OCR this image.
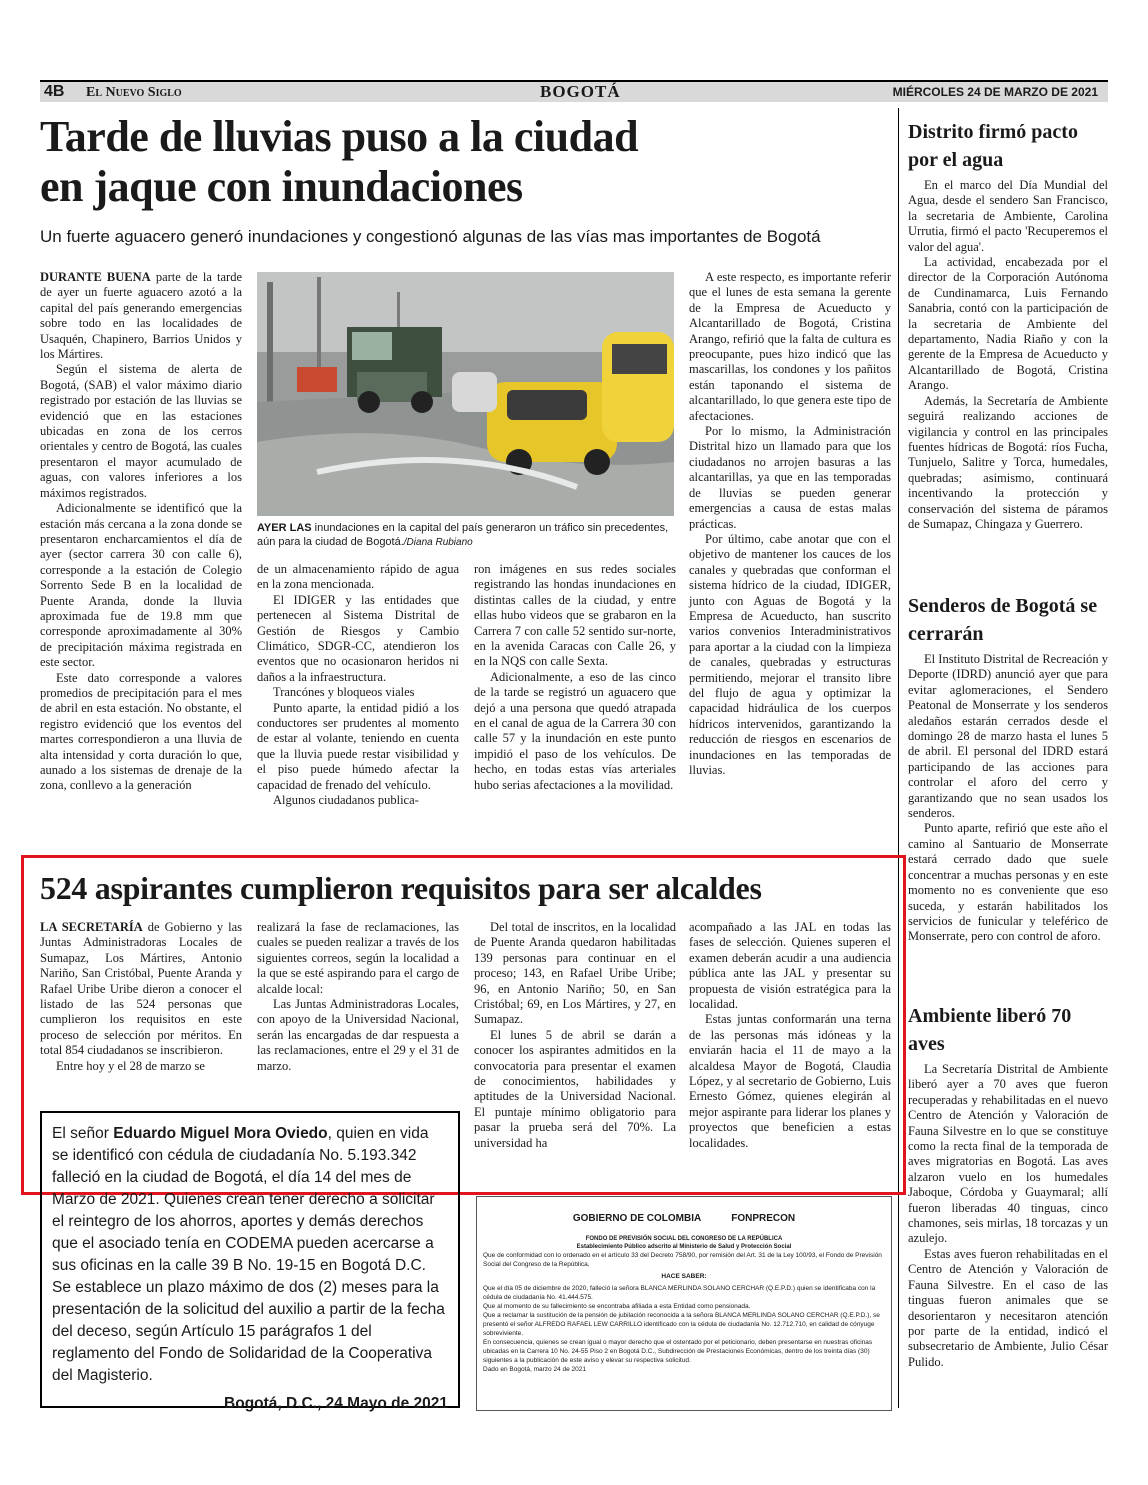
4B El Nuevo Siglo	BOGOTÁ	MIÉRCOLES 24 DE MARZO DE 2021
Tarde de lluvias puso a la ciudad
en jaque con inundaciones
Un fuerte aguacero generó inundaciones y congestionó algunas de las vías mas importantes de Bogotá

DURANTE BUENA parte de la tarde de ayer un fuerte aguacero azotó a la capital del país generando emergencias sobre todo en las localidades de Usaquén, Chapinero, Barrios Unidos y los Mártires.

Según el sistema de alerta de Bogotá, (SAB) el valor máximo diario registrado por estación de las lluvias se evidenció que en las estaciones ubicadas en zona de los cerros orientales y centro de Bogotá, las cuales presentaron el mayor acumulado de aguas, con valores inferiores a los máximos registrados.

Adicionalmente se identificó que la estación más cercana a la zona donde se presentaron encharcamientos el día de ayer (sector carrera 30 con calle 6), corresponde a la estación de Colegio Sorrento Sede B en la localidad de Puente Aranda, donde la lluvia aproximada fue de 19.8 mm que corresponde aproximadamente al 30% de precipitación máxima registrada en este sector.

Este dato corresponde a valores promedios de precipitación para el mes de abril en esta estación. No obstante, el registro evidenció que los eventos del martes correspondieron a una lluvia de alta intensidad y corta duración lo que, aunado a los sistemas de drenaje de la zona, conllevo a la generación

AYER LAS inundaciones en la capital del país generaron un tráfico sin precedentes, aún para la ciudad de Bogotá./Diana Rubiano

de un almacenamiento rápido de agua en la zona mencionada.

El IDIGER y las entidades que pertenecen al Sistema Distrital de Gestión de Riesgos y Cambio Climático, SDGR-CC, atendieron los eventos que no ocasionaron heridos ni daños a la infraestructura.

Trancónes y bloqueos viales

Punto aparte, la entidad pidió a los conductores ser prudentes al momento de estar al volante, teniendo en cuenta que la lluvia puede restar visibilidad y el piso puede húmedo afectar la capacidad de frenado del vehículo.

Algunos ciudadanos publica-

ron imágenes en sus redes sociales registrando las hondas inundaciones en distintas calles de la ciudad, y entre ellas hubo videos que se grabaron en la Carrera 7 con calle 52 sentido sur-norte, en la avenida Caracas con Calle 26, y en la NQS con calle Sexta.

Adicionalmente, a eso de las cinco de la tarde se registró un aguacero que dejó a una persona que quedó atrapada en el canal de agua de la Carrera 30 con calle 57 y la inundación en este punto impidió el paso de los vehículos. De hecho, en todas estas vías arteriales hubo serias afectaciones a la movilidad.

A este respecto, es importante referir que el lunes de esta semana la gerente de la Empresa de Acueducto y Alcantarillado de Bogotá, Cristina Arango, refirió que la falta de cultura es preocupante, pues hizo indicó que las mascarillas, los condones y los pañitos están taponando el sistema de alcantarillado, lo que genera este tipo de afectaciones.

Por lo mismo, la Administración Distrital hizo un llamado para que los ciudadanos no arrojen basuras a las alcantarillas, ya que en las temporadas de lluvias se pueden generar emergencias a causa de estas malas prácticas.

Por último, cabe anotar que con el objetivo de mantener los cauces de los canales y quebradas que conforman el sistema hídrico de la ciudad, IDIGER, junto con Aguas de Bogotá y la Empresa de Acueducto, han suscrito varios convenios Interadministrativos para aportar a la ciudad con la limpieza de canales, quebradas y estructuras permitiendo, mejorar el transito libre del flujo de agua y optimizar la capacidad hidráulica de los cuerpos hídricos intervenidos, garantizando la reducción de riesgos en escenarios de inundaciones en las temporadas de lluvias.

Distrito firmó pacto por el agua

En el marco del Día Mundial del Agua, desde el sendero San Francisco, la secretaria de Ambiente, Carolina Urrutia, firmó el pacto 'Recuperemos el valor del agua'.

La actividad, encabezada por el director de la Corporación Autónoma de Cundinamarca, Luis Fernando Sanabria, contó con la participación de la secretaria de Ambiente del departamento, Nadia Riaño y con la gerente de la Empresa de Acueducto y Alcantarillado de Bogotá, Cristina Arango.

Además, la Secretaría de Ambiente seguirá realizando acciones de vigilancia y control en las principales fuentes hídricas de Bogotá: ríos Fucha, Tunjuelo, Salitre y Torca, humedales, quebradas; asimismo, continuará incentivando la protección y conservación del sistema de páramos de Sumapaz, Chingaza y Guerrero.

Senderos de Bogotá se cerrarán

El Instituto Distrital de Recreación y Deporte (IDRD) anunció ayer que para evitar aglomeraciones, el Sendero Peatonal de Monserrate y los senderos aledaños estarán cerrados desde el domingo 28 de marzo hasta el lunes 5 de abril. El personal del IDRD estará participando de las acciones para controlar el aforo del cerro y garantizando que no sean usados los senderos.

Punto aparte, refirió que este año el camino al Santuario de Monserrate estará cerrado dado que suele concentrar a muchas personas y en este momento no es conveniente que eso suceda, y estarán habilitados los servicios de funicular y teleférico de Monserrate, pero con control de aforo.

Ambiente liberó 70 aves

La Secretaría Distrital de Ambiente liberó ayer a 70 aves que fueron recuperadas y rehabilitadas en el nuevo Centro de Atención y Valoración de Fauna Silvestre en lo que se constituye como la recta final de la temporada de aves migratorias en Bogotá. Las aves alzaron vuelo en los humedales Jaboque, Córdoba y Guaymaral; allí fueron liberadas 40 tinguas, cinco chamones, seis mirlas, 18 torcazas y un azulejo.

Estas aves fueron rehabilitadas en el Centro de Atención y Valoración de Fauna Silvestre. En el caso de las tinguas fueron animales que se desorientaron y necesitaron atención por parte de la entidad, indicó el subsecretario de Ambiente, Julio César Pulido.

524 aspirantes cumplieron requisitos para ser alcaldes

LA SECRETARÍA de Gobierno y las Juntas Administradoras Locales de Sumapaz, Los Mártires, Antonio Nariño, San Cristóbal, Puente Aranda y Rafael Uribe Uribe dieron a conocer el listado de las 524 personas que cumplieron los requisitos en este proceso de selección por méritos. En total 854 ciudadanos se inscribieron.

Entre hoy y el 28 de marzo se

realizará la fase de reclamaciones, las cuales se pueden realizar a través de los siguientes correos, según la localidad a la que se esté aspirando para el cargo de alcalde local:

Las Juntas Administradoras Locales, con apoyo de la Universidad Nacional, serán las encargadas de dar respuesta a las reclamaciones, entre el 29 y el 31 de marzo.

Del total de inscritos, en la localidad de Puente Aranda quedaron habilitadas 139 personas para continuar en el proceso; 143, en Rafael Uribe Uribe; 96, en Antonio Nariño; 50, en San Cristóbal; 69, en Los Mártires, y 27, en Sumapaz.

El lunes 5 de abril se darán a conocer los aspirantes admitidos en la convocatoria para presentar el examen de conocimientos, habilidades y aptitudes de la Universidad Nacional. El puntaje mínimo obligatorio para pasar la prueba será del 70%. La universidad ha

acompañado a las JAL en todas las fases de selección. Quienes superen el examen deberán acudir a una audiencia pública ante las JAL y presentar su propuesta de visión estratégica para la localidad.

Estas juntas conformarán una terna de las personas más idóneas y la enviarán hacia el 11 de mayo a la alcaldesa Mayor de Bogotá, Claudia López, y al secretario de Gobierno, Luis Ernesto Gómez, quienes elegirán al mejor aspirante para liderar los planes y proyectos que beneficien a estas localidades.

El señor Eduardo Miguel Mora Oviedo, quien en vida se identificó con cédula de ciudadanía No. 5.193.342 falleció en la ciudad de Bogotá, el día 14 del mes de Marzo de 2021. Quienes crean tener derecho a solicitar el reintegro de los ahorros, aportes y demás derechos que el asociado tenía en CODEMA pueden acercarse a sus oficinas en la calle 39 B No. 19-15 en Bogotá D.C. Se establece un plazo máximo de dos (2) meses para la presentación de la solicitud del auxilio a partir de la fecha del deceso, según Artículo 15 parágrafos 1 del reglamento del Fondo de Solidaridad de la Cooperativa del Magisterio.
Bogotá, D.C., 24 Mayo de 2021
GOBIERNO DE COLOMBIA	FONPRECON
FONDO DE PREVISIÓN SOCIAL DEL CONGRESO DE LA REPÚBLICA
Establecimiento Público adscrito al Ministerio de Salud y Protección Social

Que de conformidad con lo ordenado en el artículo 33 del Decreto 758/90, por remisión del Art. 31 de la Ley 100/93, el Fondo de Previsión Social del Congreso de la República,

HACE SABER:

Que el día 05 de diciembre de 2020, falleció la señora BLANCA MERLINDA SOLANO CERCHAR (Q.E.P.D.) quien se identificaba con la cédula de ciudadanía No. 41.444.575.

Que al momento de su fallecimiento se encontraba afiliada a esta Entidad como pensionada.

Que a reclamar la sustitución de la pensión de jubilación reconocida a la señora BLANCA MERLINDA SOLANO CERCHAR (Q.E.P.D.), se presentó el señor ALFREDO RAFAEL LEW CARRILLO identificado con la cédula de ciudadanía No. 12.712.710, en calidad de cónyuge sobreviviente.

En consecuencia, quienes se crean igual o mayor derecho que el ostentado por el peticionario, deben presentarse en nuestras oficinas ubicadas en la Carrera 10 No. 24-55 Piso 2 en Bogotá D.C., Subdirección de Prestaciones Económicas, dentro de los treinta días (30) siguientes a la publicación de este aviso y elevar su respectiva solicitud.

Dado en Bogotá, marzo 24 de 2021
